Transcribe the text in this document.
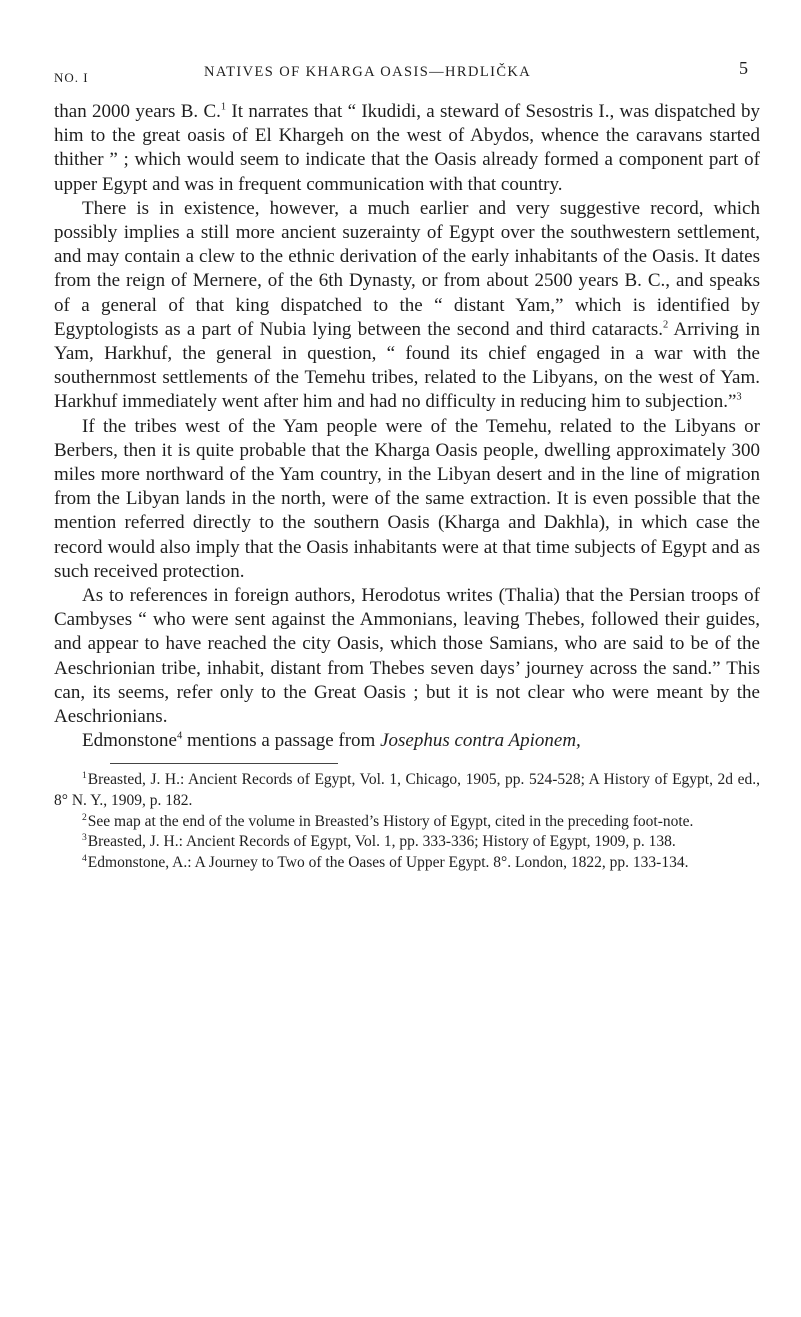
NO. I	NATIVES OF KHARGA OASIS—HRDLIČKA	5

than 2000 years B. C.$^1$ It narrates that “ Ikudidi, a steward of Sesostris I., was dispatched by him to the great oasis of El Khargeh on the west of Abydos, whence the caravans started thither ” ; which would seem to indicate that the Oasis already formed a component part of upper Egypt and was in frequent communication with that country.

There is in existence, however, a much earlier and very suggestive record, which possibly implies a still more ancient suzerainty of Egypt over the southwestern settlement, and may contain a clew to the ethnic derivation of the early inhabitants of the Oasis. It dates from the reign of Mernere, of the 6th Dynasty, or from about 2500 years B. C., and speaks of a general of that king dispatched to the “ distant Yam,” which is identified by Egyptologists as a part of Nubia lying between the second and third cataracts.$^2$ Arriving in Yam, Harkhuf, the general in question, “ found its chief engaged in a war with the southernmost settlements of the Temehu tribes, related to the Libyans, on the west of Yam. Harkhuf immediately went after him and had no difficulty in reducing him to subjection.”$^3$

If the tribes west of the Yam people were of the Temehu, related to the Libyans or Berbers, then it is quite probable that the Kharga Oasis people, dwelling approximately 300 miles more northward of the Yam country, in the Libyan desert and in the line of migration from the Libyan lands in the north, were of the same extraction. It is even possible that the mention referred directly to the southern Oasis (Kharga and Dakhla), in which case the record would also imply that the Oasis inhabitants were at that time subjects of Egypt and as such received protection.

As to references in foreign authors, Herodotus writes (Thalia) that the Persian troops of Cambyses “ who were sent against the Ammonians, leaving Thebes, followed their guides, and appear to have reached the city Oasis, which those Samians, who are said to be of the Aeschrionian tribe, inhabit, distant from Thebes seven days’ journey across the sand.” This can, its seems, refer only to the Great Oasis ; but it is not clear who were meant by the Aeschrionians.

Edmonstone$^4$ mentions a passage from Josephus contra Apionem,

$^1$Breasted, J. H.: Ancient Records of Egypt, Vol. 1, Chicago, 1905, pp. 524-528; A History of Egypt, 2d ed., 8° N. Y., 1909, p. 182.

$^2$See map at the end of the volume in Breasted’s History of Egypt, cited in the preceding foot-note.

$^3$Breasted, J. H.: Ancient Records of Egypt, Vol. 1, pp. 333-336; History of Egypt, 1909, p. 138.

$^4$Edmonstone, A.: A Journey to Two of the Oases of Upper Egypt. 8°. London, 1822, pp. 133-134.
